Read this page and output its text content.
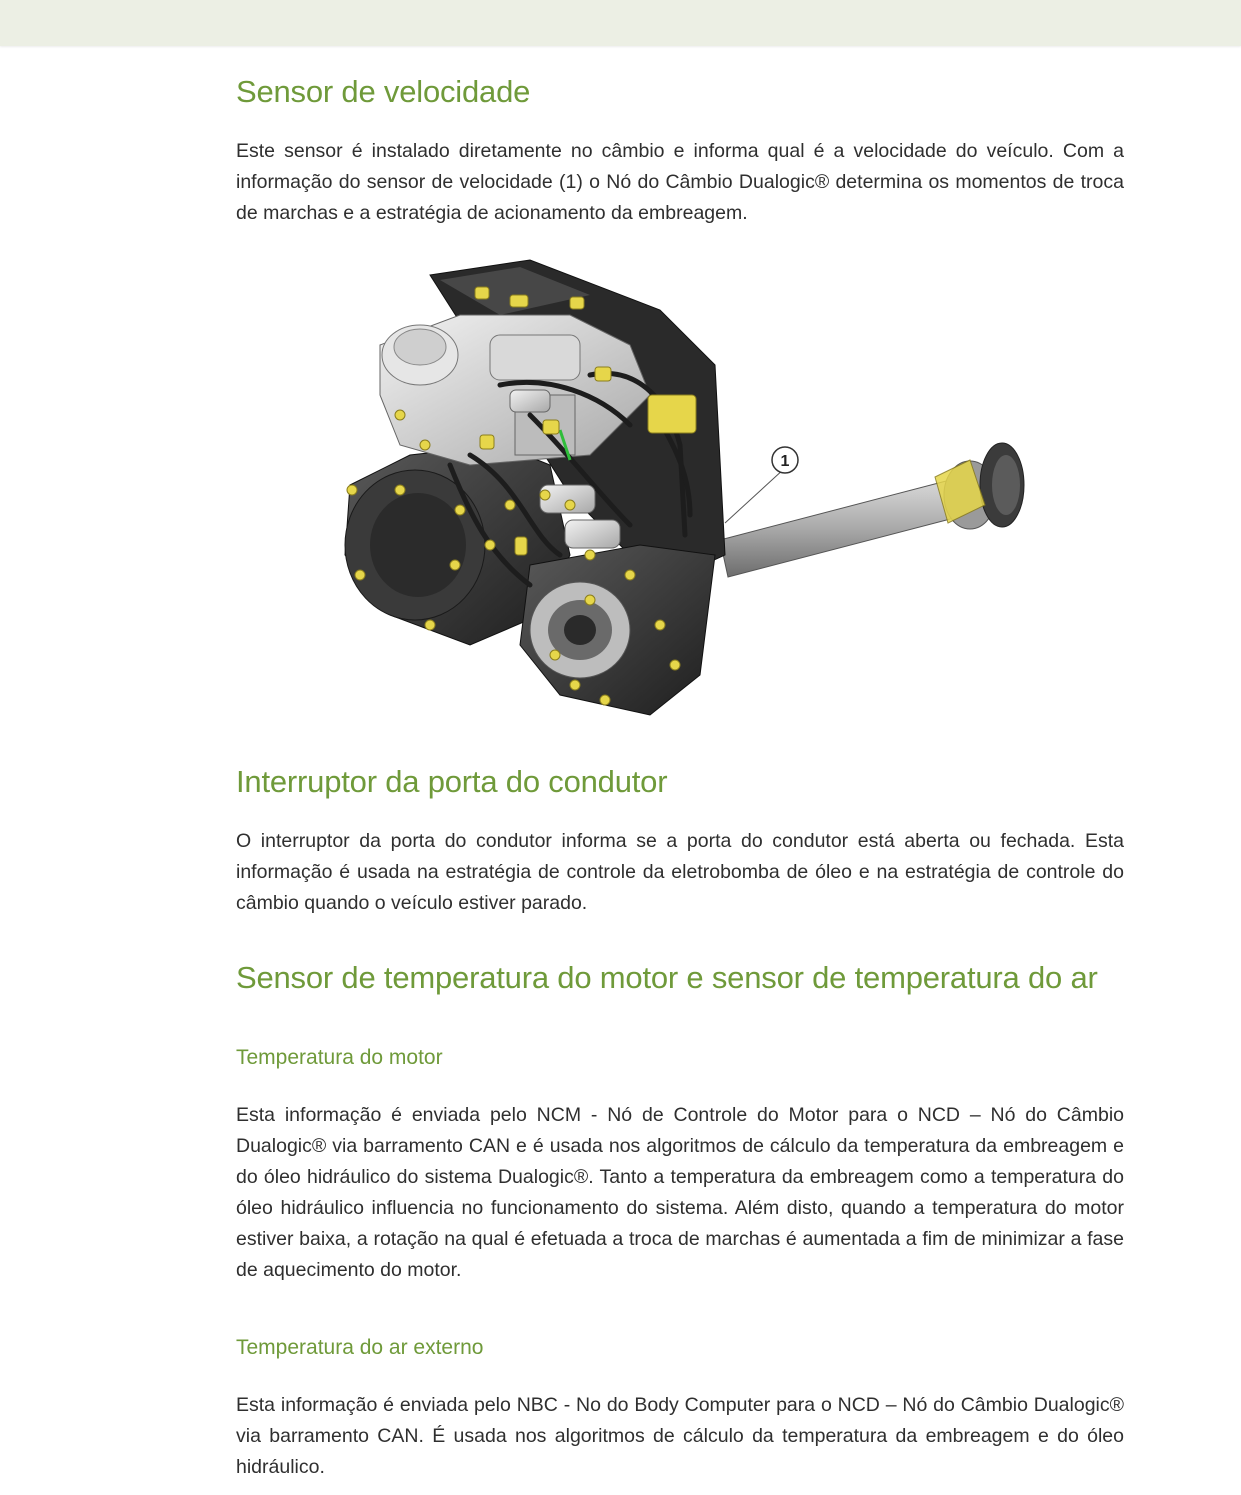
Sensor de velocidade

Este sensor é instalado diretamente no câmbio e informa qual é a velocidade do veículo. Com a informação do sensor de velocidade (1) o Nó do Câmbio Dualogic® determina os momentos de troca de marchas e a estratégia de acionamento da embreagem.

Interruptor da porta do condutor

O interruptor da porta do condutor informa se a porta do condutor está aberta ou fechada. Esta informação é usada na estratégia de controle da eletrobomba de óleo e na estratégia de controle do câmbio quando o veículo estiver parado.

Sensor de temperatura do motor e sensor de temperatura do ar
Temperatura do motor

Esta informação é enviada pelo NCM - Nó de Controle do Motor para o NCD – Nó do Câmbio Dualogic® via barramento CAN e é usada nos algoritmos de cálculo da temperatura da embreagem e do óleo hidráulico do sistema Dualogic®. Tanto a temperatura da embreagem como a temperatura do óleo hidráulico influencia no funcionamento do sistema. Além disto, quando a temperatura do motor estiver baixa, a rotação na qual é efetuada a troca de marchas é aumentada a fim de minimizar a fase de aquecimento do motor.

Temperatura do ar externo

Esta informação é enviada pelo NBC - No do Body Computer para o NCD – Nó do Câmbio Dualogic® via barramento CAN. É usada nos algoritmos de cálculo da temperatura da embreagem e do óleo hidráulico.

1
